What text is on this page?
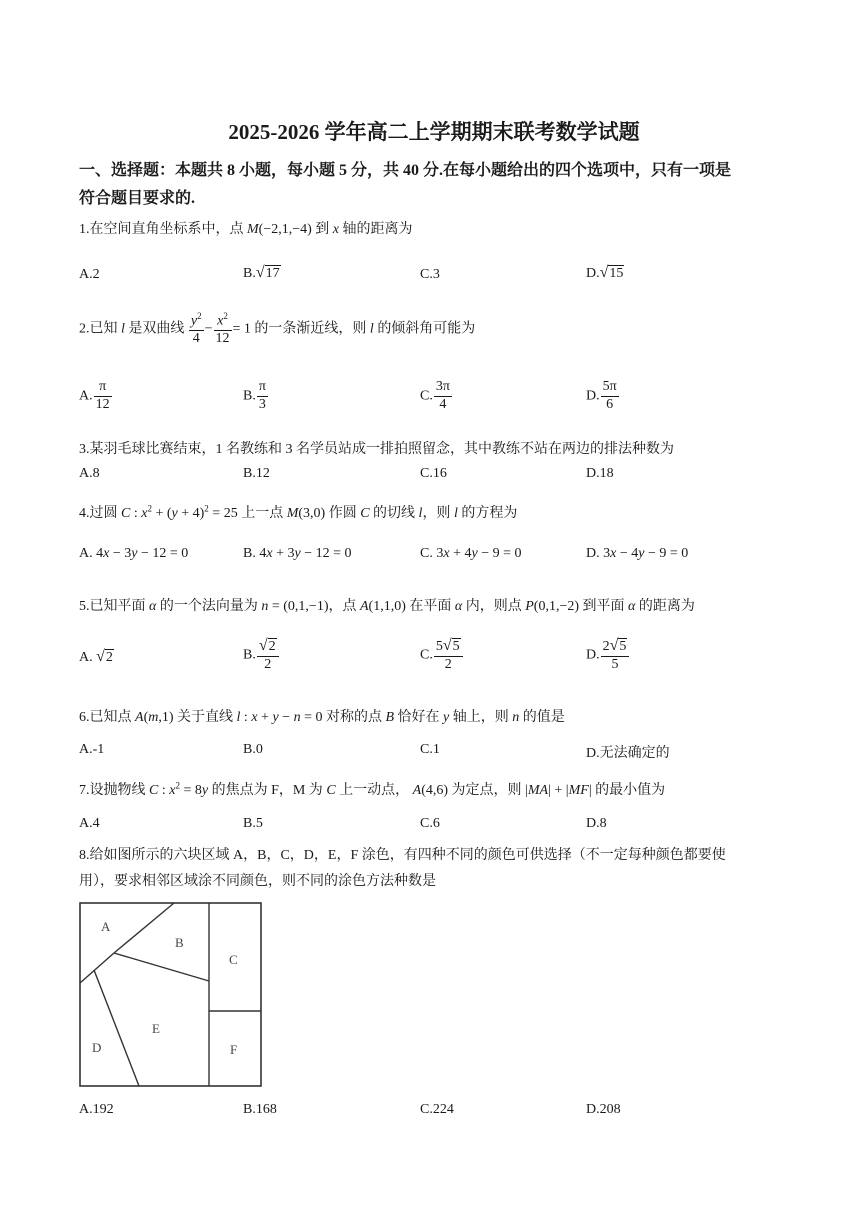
2025-2026 学年高二上学期期末联考数学试题
一、选择题：本题共 8 小题，每小题 5 分，共 40 分.在每小题给出的四个选项中，只有一项是
符合题目要求的.
1.在空间直角坐标系中，点 M(−2,1,−4) 到 x 轴的距离为
A.2	B.√17	C.3	D.√15
2.已知 l 是双曲线 $\frac{y^2}{4} - \frac{x^2}{12} = 1$ 的一条渐近线，则 l 的倾斜角可能为
A. $\frac{\pi}{12}$	B. $\frac{\pi}{3}$	C. $\frac{3\pi}{4}$	D. $\frac{5\pi}{6}$
3.某羽毛球比赛结束，1 名教练和 3 名学员站成一排拍照留念，其中教练不站在两边的排法种数为
A.8	B.12	C.16	D.18
4.过圆 C : $x^2 + (y + 4)^2 = 25$ 上一点 M(3,0) 作圆 C 的切线 l，则 l 的方程为
A. 4x − 3y − 12 = 0	B. 4x + 3y − 12 = 0	C. 3x + 4y − 9 = 0	D. 3x − 4y − 9 = 0
5.已知平面 α 的一个法向量为 n = (0,1,−1)，点 A(1,1,0) 在平面 α 内，则点 P(0,1,−2) 到平面 α 的距离为
A. √2	B. $\frac{√2}{2}$	C. $\frac{5√5}{2}$	D. $\frac{2√5}{5}$
6.已知点 A(m,1) 关于直线 l : x + y − n = 0 对称的点 B 恰好在 y 轴上，则 n 的值是
A.-1	B.0	C.1	D.无法确定的
7.设抛物线 C : $x^2 = 8y$ 的焦点为 F，M 为 C 上一动点， A(4,6) 为定点，则 |MA| + |MF| 的最小值为
A.4	B.5	C.6	D.8
8.给如图所示的六块区域 A，B，C，D，E，F 涂色，有四种不同的颜色可供选择（不一定每种颜色都要使
用），要求相邻区域涂不同颜色，则不同的涂色方法种数是
A
B
C
D
E
F
A.192	B.168	C.224	D.208
